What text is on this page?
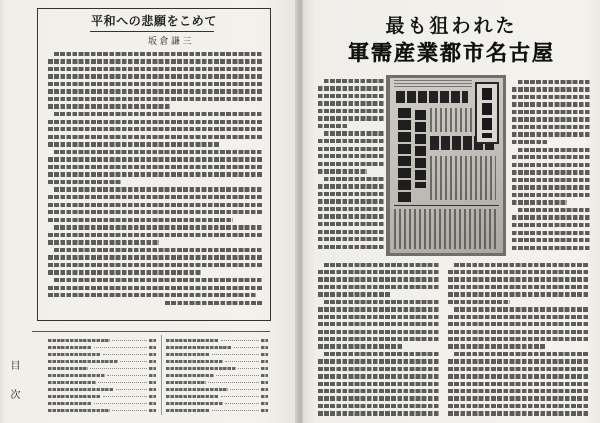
平和への悲願をこめて
坂倉謙三
目次
最も狙われた
軍需産業都市名古屋
